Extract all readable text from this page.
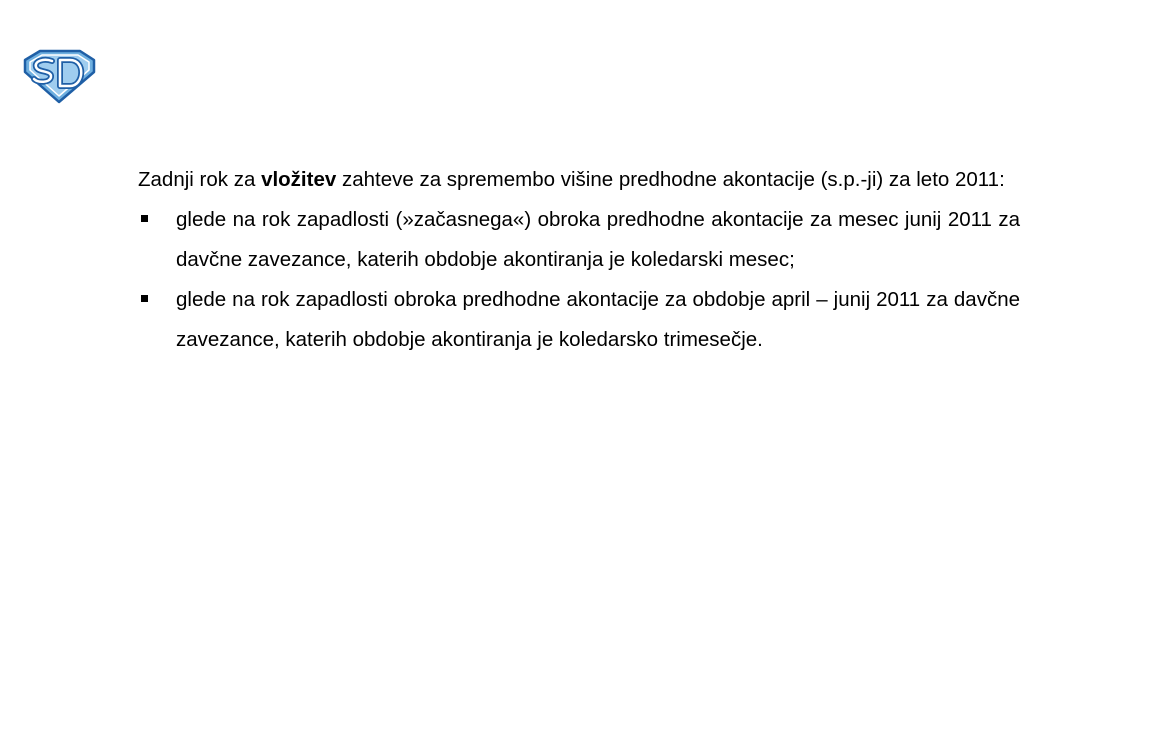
Zadnji rok za vložitev zahteve za spremembo višine predhodne akontacije (s.p.-ji) za leto 2011:

glede na rok zapadlosti (»začasnega«) obroka predhodne akontacije za mesec junij 2011 za davčne zavezance, katerih obdobje akontiranja je koledarski mesec;
glede na rok zapadlosti obroka predhodne akontacije za obdobje april – junij 2011 za davčne zavezance, katerih obdobje akontiranja je koledarsko trimesečje.
